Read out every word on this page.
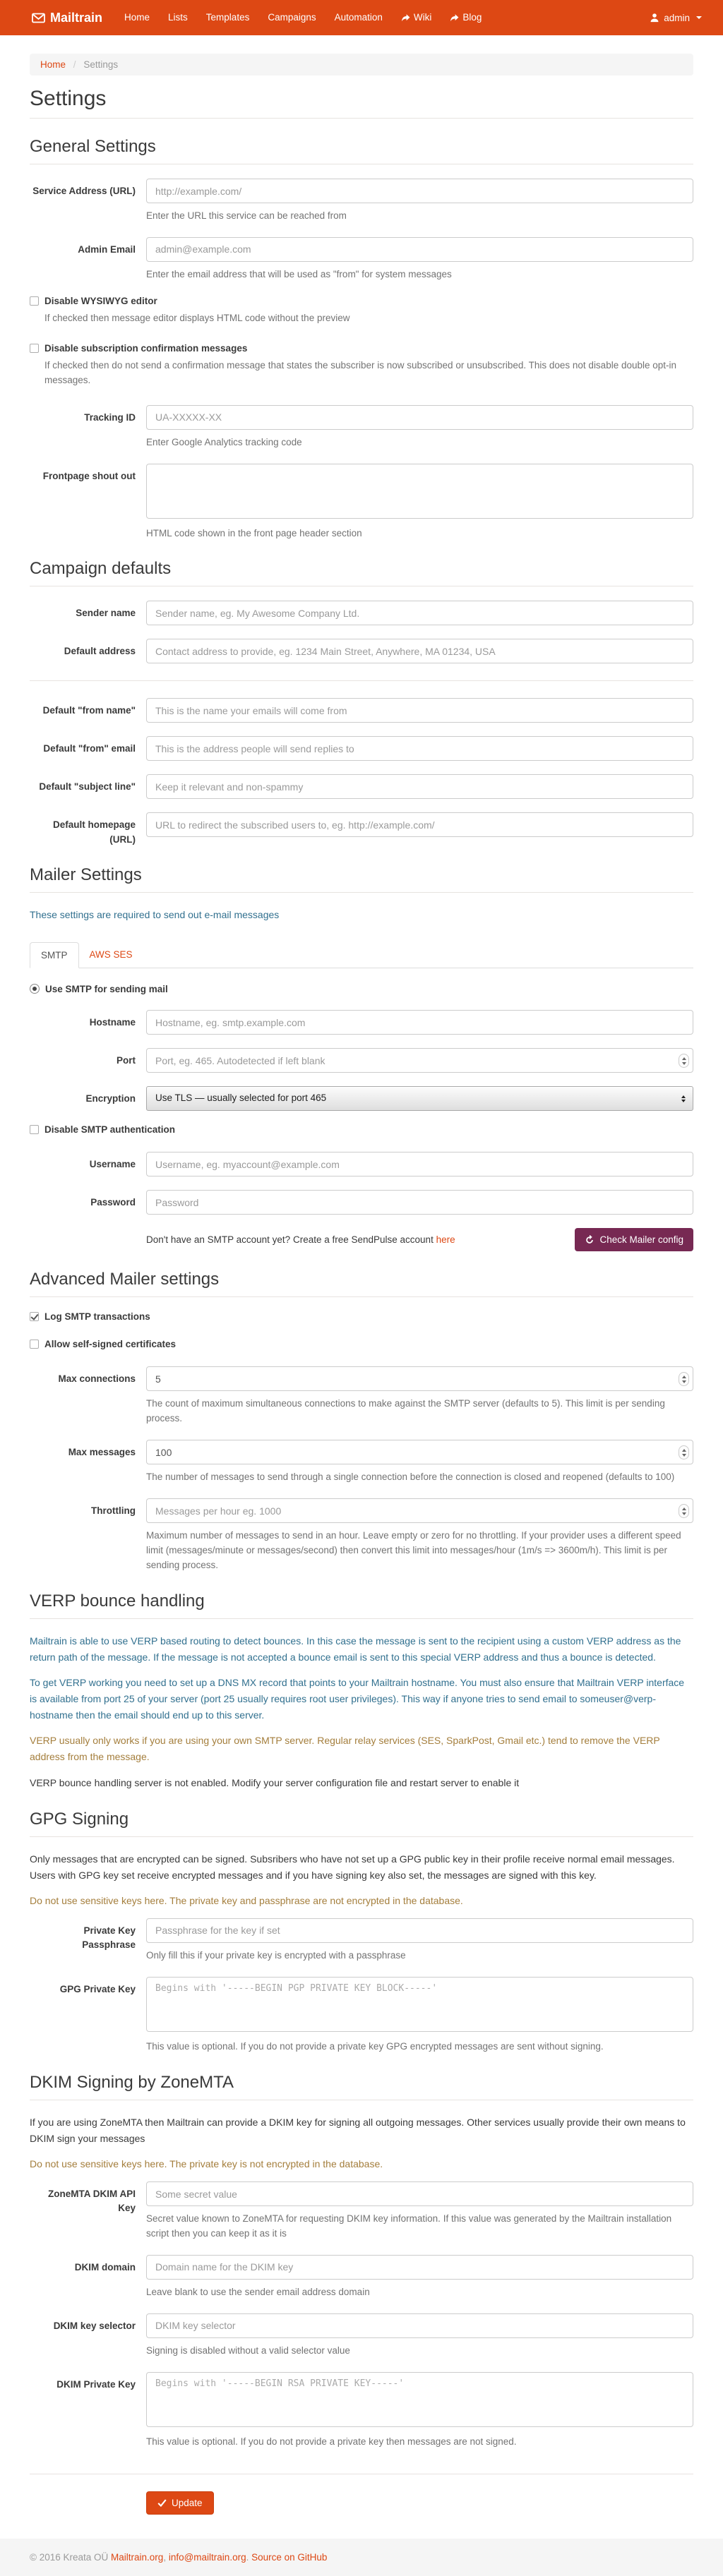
Mailtrain Home Lists Templates Campaigns Automation	Wiki	Blog	admin
Home / Settings
Settings
General Settings
Service Address (URL)
http://example.com/

Enter the URL this service can be reached from

Admin Email
admin@example.com

Enter the email address that will be used as "from" for system messages

Disable WYSIWYG editor

If checked then message editor displays HTML code without the preview

Disable subscription confirmation messages

If checked then do not send a confirmation message that states the subscriber is now subscribed or unsubscribed. This does not disable double opt-in messages.

Tracking ID
UA-XXXXX-XX

Enter Google Analytics tracking code

Frontpage shout out

HTML code shown in the front page header section

Campaign defaults
Sender name
Sender name, eg. My Awesome Company Ltd.
Default address
Contact address to provide, eg. 1234 Main Street, Anywhere, MA 01234, USA
Default "from name"
This is the name your emails will come from
Default "from" email
This is the address people will send replies to
Default "subject line"
Keep it relevant and non-spammy
Default homepage (URL)
URL to redirect the subscribed users to, eg. http://example.com/
Mailer Settings

These settings are required to send out e-mail messages

SMTP	AWS SES
Use SMTP for sending mail
Hostname
Hostname, eg. smtp.example.com
Port
Port, eg. 465. Autodetected if left blank
Encryption	Use TLS — usually selected for port 465
Disable SMTP authentication
Username
Username, eg. myaccount@example.com
Password
Password
Don't have an SMTP account yet? Create a free SendPulse account here	Check Mailer config
Advanced Mailer settings
Log SMTP transactions
Allow self-signed certificates
Max connections
5

The count of maximum simultaneous connections to make against the SMTP server (defaults to 5). This limit is per sending process.

Max messages
100

The number of messages to send through a single connection before the connection is closed and reopened (defaults to 100)

Throttling
Messages per hour eg. 1000

Maximum number of messages to send in an hour. Leave empty or zero for no throttling. If your provider uses a different speed limit (messages/minute or messages/second) then convert this limit into messages/hour (1m/s => 3600m/h). This limit is per sending process.

VERP bounce handling

Mailtrain is able to use VERP based routing to detect bounces. In this case the message is sent to the recipient using a custom VERP address as the return path of the message. If the message is not accepted a bounce email is sent to this special VERP address and thus a bounce is detected.

To get VERP working you need to set up a DNS MX record that points to your Mailtrain hostname. You must also ensure that Mailtrain VERP interface is available from port 25 of your server (port 25 usually requires root user privileges). This way if anyone tries to send email to someuser@verp-hostname then the email should end up to this server.

VERP usually only works if you are using your own SMTP server. Regular relay services (SES, SparkPost, Gmail etc.) tend to remove the VERP address from the message.

VERP bounce handling server is not enabled. Modify your server configuration file and restart server to enable it

GPG Signing

Only messages that are encrypted can be signed. Subsribers who have not set up a GPG public key in their profile receive normal email messages. Users with GPG key set receive encrypted messages and if you have signing key also set, the messages are signed with this key.

Do not use sensitive keys here. The private key and passphrase are not encrypted in the database.

Private Key Passphrase
Passphrase for the key if set

Only fill this if your private key is encrypted with a passphrase

GPG Private Key
Begins with '-----BEGIN PGP PRIVATE KEY BLOCK-----'

This value is optional. If you do not provide a private key GPG encrypted messages are sent without signing.

DKIM Signing by ZoneMTA

If you are using ZoneMTA then Mailtrain can provide a DKIM key for signing all outgoing messages. Other services usually provide their own means to DKIM sign your messages

Do not use sensitive keys here. The private key is not encrypted in the database.

ZoneMTA DKIM API Key
Some secret value

Secret value known to ZoneMTA for requesting DKIM key information. If this value was generated by the Mailtrain installation script then you can keep it as it is

DKIM domain
Domain name for the DKIM key

Leave blank to use the sender email address domain

DKIM key selector
DKIM key selector

Signing is disabled without a valid selector value

DKIM Private Key
Begins with '-----BEGIN RSA PRIVATE KEY-----'

This value is optional. If you do not provide a private key then messages are not signed.

Update
© 2016 Kreata OÜ Mailtrain.org, info@mailtrain.org. Source on GitHub
